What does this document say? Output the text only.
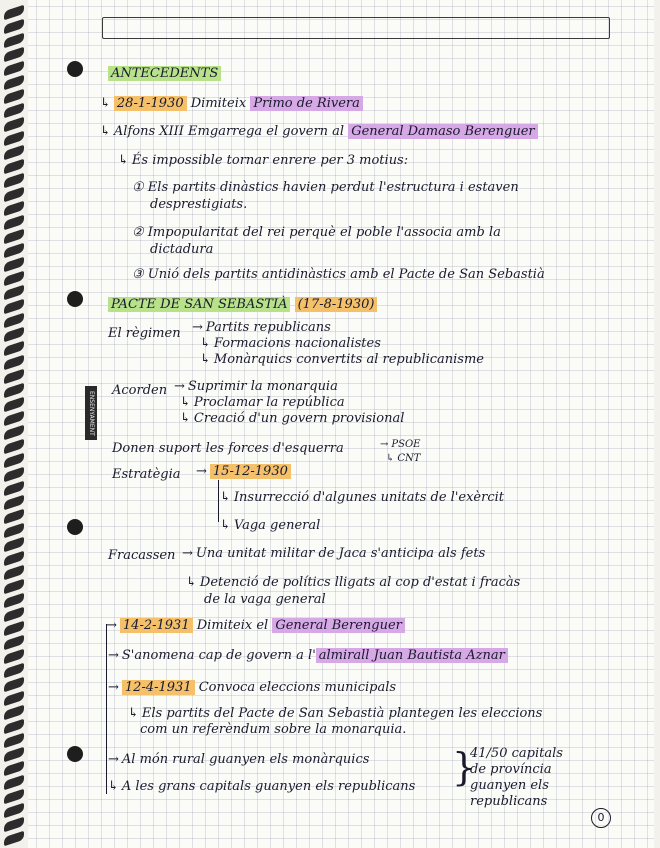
ENSENYAMENT
ANTECEDENTS
↳ 28-1-1930 Dimiteix Primo de Rivera
↳ Alfons XIII Emgarrega el govern al General Damaso Berenguer
↳ És impossible tornar enrere per 3 motius:
① Els partits dinàstics havien perdut l'estructura i estaven
desprestigiats.
② Impopularitat del rei perquè el poble l'associa amb la
dictadura
③ Unió dels partits antidinàstics amb el Pacte de San Sebastià
PACTE DE SAN SEBASTIÀ (17-8-1930)
El règimen → Partits republicans
↳ Formacions nacionalistes
↳ Monàrquics convertits al republicanisme
Acorden → Suprimir la monarquia
↳ Proclamar la república
↳ Creació d'un govern provisional
Donen suport les forces d'esquerra	→ PSOE
↳ CNT
Estratègia → 15-12-1930
↳ Insurrecció d'algunes unitats de l'exèrcit
↳ Vaga general
Fracassen → Una unitat militar de Jaca s'anticipa als fets
↳ Detenció de polítics lligats al cop d'estat i fracàs
de la vaga general
→ 14-2-1931 Dimiteix el General Berenguer
→ S'anomena cap de govern a l' almirall Juan Bautista Aznar
→ 12-4-1931 Convoca eleccions municipals
↳ Els partits del Pacte de San Sebastià plantegen les eleccions
com un referèndum sobre la monarquia.
→ Al món rural guanyen els monàrquics
↳ A les grans capitals guanyen els republicans }
41/50 capitals
de província
guanyen els
republicans
0
